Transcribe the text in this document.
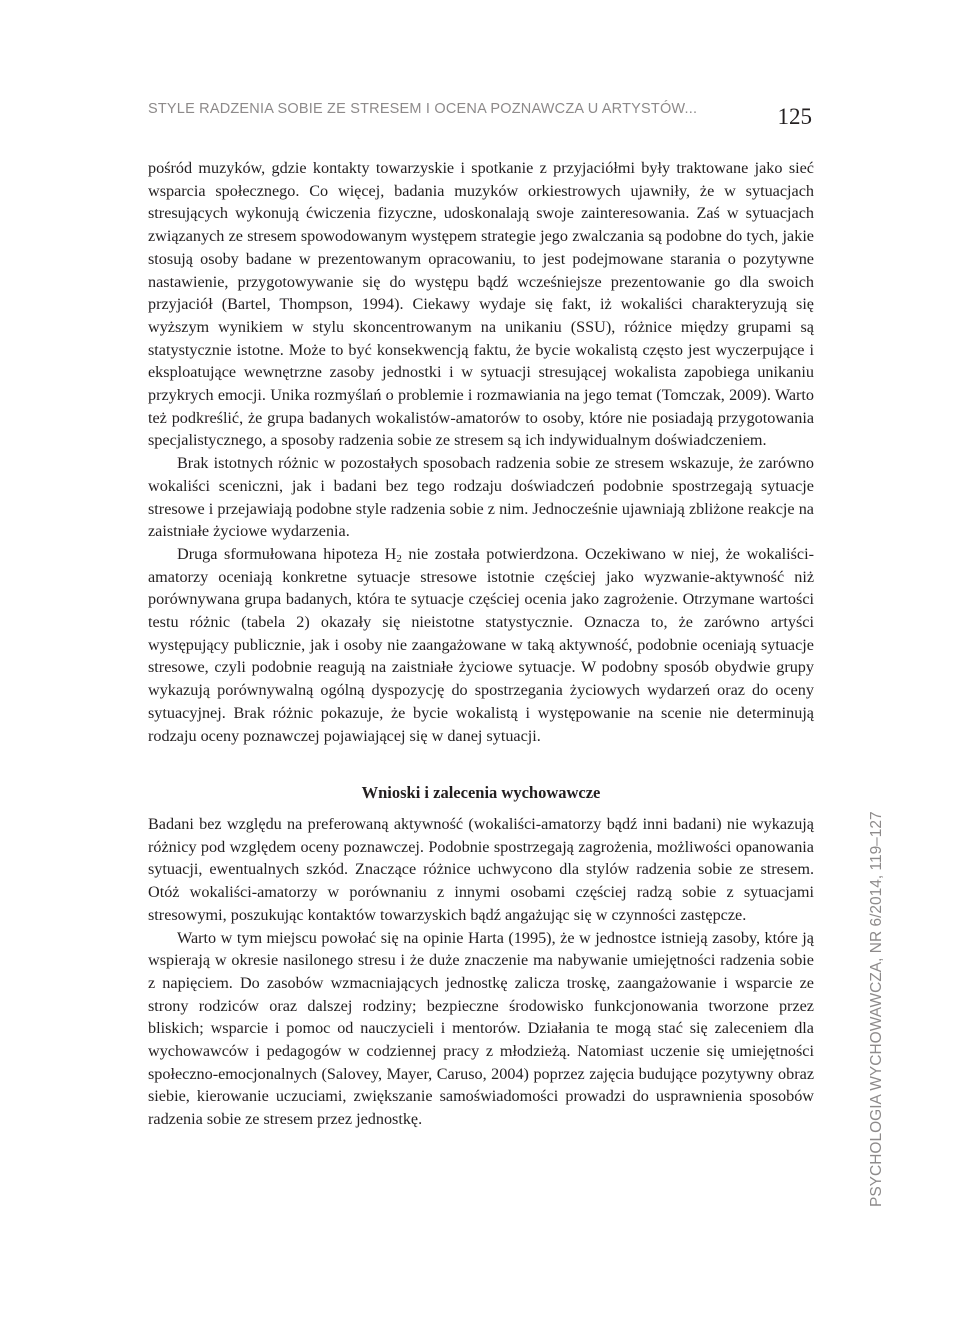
STYLE RADZENIA SOBIE ZE STRESEM I OCENA POZNAWCZA U ARTYSTÓW...	125

pośród muzyków, gdzie kontakty towarzyskie i spotkanie z przyjaciółmi były traktowane jako sieć wsparcia społecznego. Co więcej, badania muzyków orkiestrowych ujawniły, że w sytuacjach stresujących wykonują ćwiczenia fizyczne, udoskonalają swoje zainteresowania. Zaś w sytuacjach związanych ze stresem spowodowanym występem strategie jego zwalczania są podobne do tych, jakie stosują osoby badane w prezentowanym opracowaniu, to jest podejmowane starania o pozytywne nastawienie, przygotowywanie się do występu bądź wcześniejsze prezentowanie go dla swoich przyjaciół (Bartel, Thompson, 1994). Ciekawy wydaje się fakt, iż wokaliści charakteryzują się wyższym wynikiem w stylu skoncentrowanym na unikaniu (SSU), różnice między grupami są statystycznie istotne. Może to być konsekwencją faktu, że bycie wokalistą często jest wyczerpujące i eksploatujące wewnętrzne zasoby jednostki i w sytuacji stresującej wokalista zapobiega unikaniu przykrych emocji. Unika rozmyślań o problemie i rozmawiania na jego temat (Tomczak, 2009). Warto też podkreślić, że grupa badanych wokalistów-amatorów to osoby, które nie posiadają przygotowania specjalistycznego, a sposoby radzenia sobie ze stresem są ich indywidualnym doświadczeniem.

Brak istotnych różnic w pozostałych sposobach radzenia sobie ze stresem wskazuje, że zarówno wokaliści sceniczni, jak i badani bez tego rodzaju doświadczeń podobnie spostrzegają sytuacje stresowe i przejawiają podobne style radzenia sobie z nim. Jednocześnie ujawniają zbliżone reakcje na zaistniałe życiowe wydarzenia.

Druga sformułowana hipoteza $H_2$ nie została potwierdzona. Oczekiwano w niej, że wokaliści-amatorzy oceniają konkretne sytuacje stresowe istotnie częściej jako wyzwanie-aktywność niż porównywana grupa badanych, która te sytuacje częściej ocenia jako zagrożenie. Otrzymane wartości testu różnic (tabela 2) okazały się nieistotne statystycznie. Oznacza to, że zarówno artyści występujący publicznie, jak i osoby nie zaangażowane w taką aktywność, podobnie oceniają sytuacje stresowe, czyli podobnie reagują na zaistniałe życiowe sytuacje. W podobny sposób obydwie grupy wykazują porównywalną ogólną dyspozycję do spostrzegania życiowych wydarzeń oraz do oceny sytuacyjnej. Brak różnic pokazuje, że bycie wokalistą i występowanie na scenie nie determinują rodzaju oceny poznawczej pojawiającej się w danej sytuacji.

Wnioski i zalecenia wychowawcze

Badani bez względu na preferowaną aktywność (wokaliści-amatorzy bądź inni badani) nie wykazują różnicy pod względem oceny poznawczej. Podobnie spostrzegają zagrożenia, możliwości opanowania sytuacji, ewentualnych szkód. Znaczące różnice uchwycono dla stylów radzenia sobie ze stresem. Otóż wokaliści-amatorzy w porównaniu z innymi osobami częściej radzą sobie z sytuacjami stresowymi, poszukując kontaktów towarzyskich bądź angażując się w czynności zastępcze.

Warto w tym miejscu powołać się na opinie Harta (1995), że w jednostce istnieją zasoby, które ją wspierają w okresie nasilonego stresu i że duże znaczenie ma nabywanie umiejętności radzenia sobie z napięciem. Do zasobów wzmacniających jednostkę zalicza troskę, zaangażowanie i wsparcie ze strony rodziców oraz dalszej rodziny; bezpieczne środowisko funkcjonowania tworzone przez bliskich; wsparcie i pomoc od nauczycieli i mentorów. Działania te mogą stać się zaleceniem dla wychowawców i pedagogów w codziennej pracy z młodzieżą. Natomiast uczenie się umiejętności społeczno-emocjonalnych (Salovey, Mayer, Caruso, 2004) poprzez zajęcia budujące pozytywny obraz siebie, kierowanie uczuciami, zwiększanie samoświadomości prowadzi do usprawnienia sposobów radzenia sobie ze stresem przez jednostkę.	PSYCHOLOGIA WYCHOWAWCZA, NR 6/2014, 119–127
